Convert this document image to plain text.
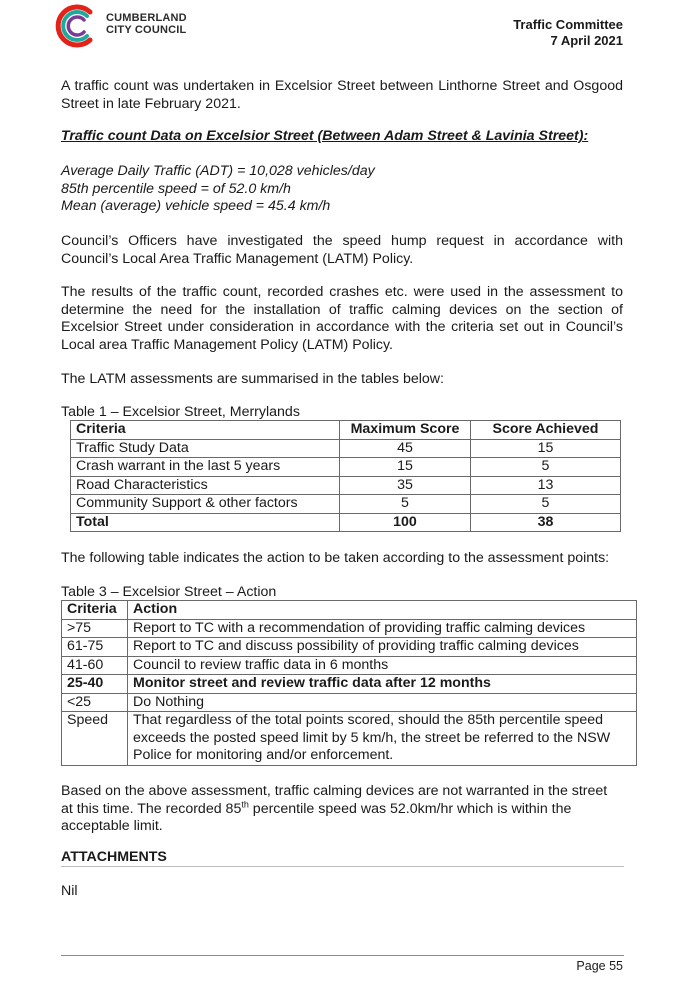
CUMBERLAND
CITY COUNCIL	Traffic Committee
7 April 2021
A traffic count was undertaken in Excelsior Street between Linthorne Street and Osgood Street in late February 2021.
Traffic count Data on Excelsior Street (Between Adam Street & Lavinia Street):
Average Daily Traffic (ADT) = 10,028 vehicles/day
85th percentile speed = of 52.0 km/h
Mean (average) vehicle speed = 45.4 km/h
Council’s Officers have investigated the speed hump request in accordance with Council’s Local Area Traffic Management (LATM) Policy.
The results of the traffic count, recorded crashes etc. were used in the assessment to determine the need for the installation of traffic calming devices on the section of Excelsior Street under consideration in accordance with the criteria set out in Council’s Local area Traffic Management Policy (LATM) Policy.
The LATM assessments are summarised in the tables below:
Table 1 – Excelsior Street, Merrylands
Criteria	Maximum Score	Score Achieved
Traffic Study Data	45	15
Crash warrant in the last 5 years	15	5
Road Characteristics	35	13
Community Support & other factors	5	5
Total	100	38
The following table indicates the action to be taken according to the assessment points:
Table 3 – Excelsior Street – Action
Criteria	Action
>75	Report to TC with a recommendation of providing traffic calming devices
61-75	Report to TC and discuss possibility of providing traffic calming devices
41-60	Council to review traffic data in 6 months
25-40	Monitor street and review traffic data after 12 months
<25	Do Nothing
Speed	That regardless of the total points scored, should the 85th percentile speed exceeds the posted speed limit by 5 km/h, the street be referred to the NSW Police for monitoring and/or enforcement.
Based on the above assessment, traffic calming devices are not warranted in the street at this time. The recorded 85th percentile speed was 52.0km/hr which is within the acceptable limit.
ATTACHMENTS
Nil
Page 55
